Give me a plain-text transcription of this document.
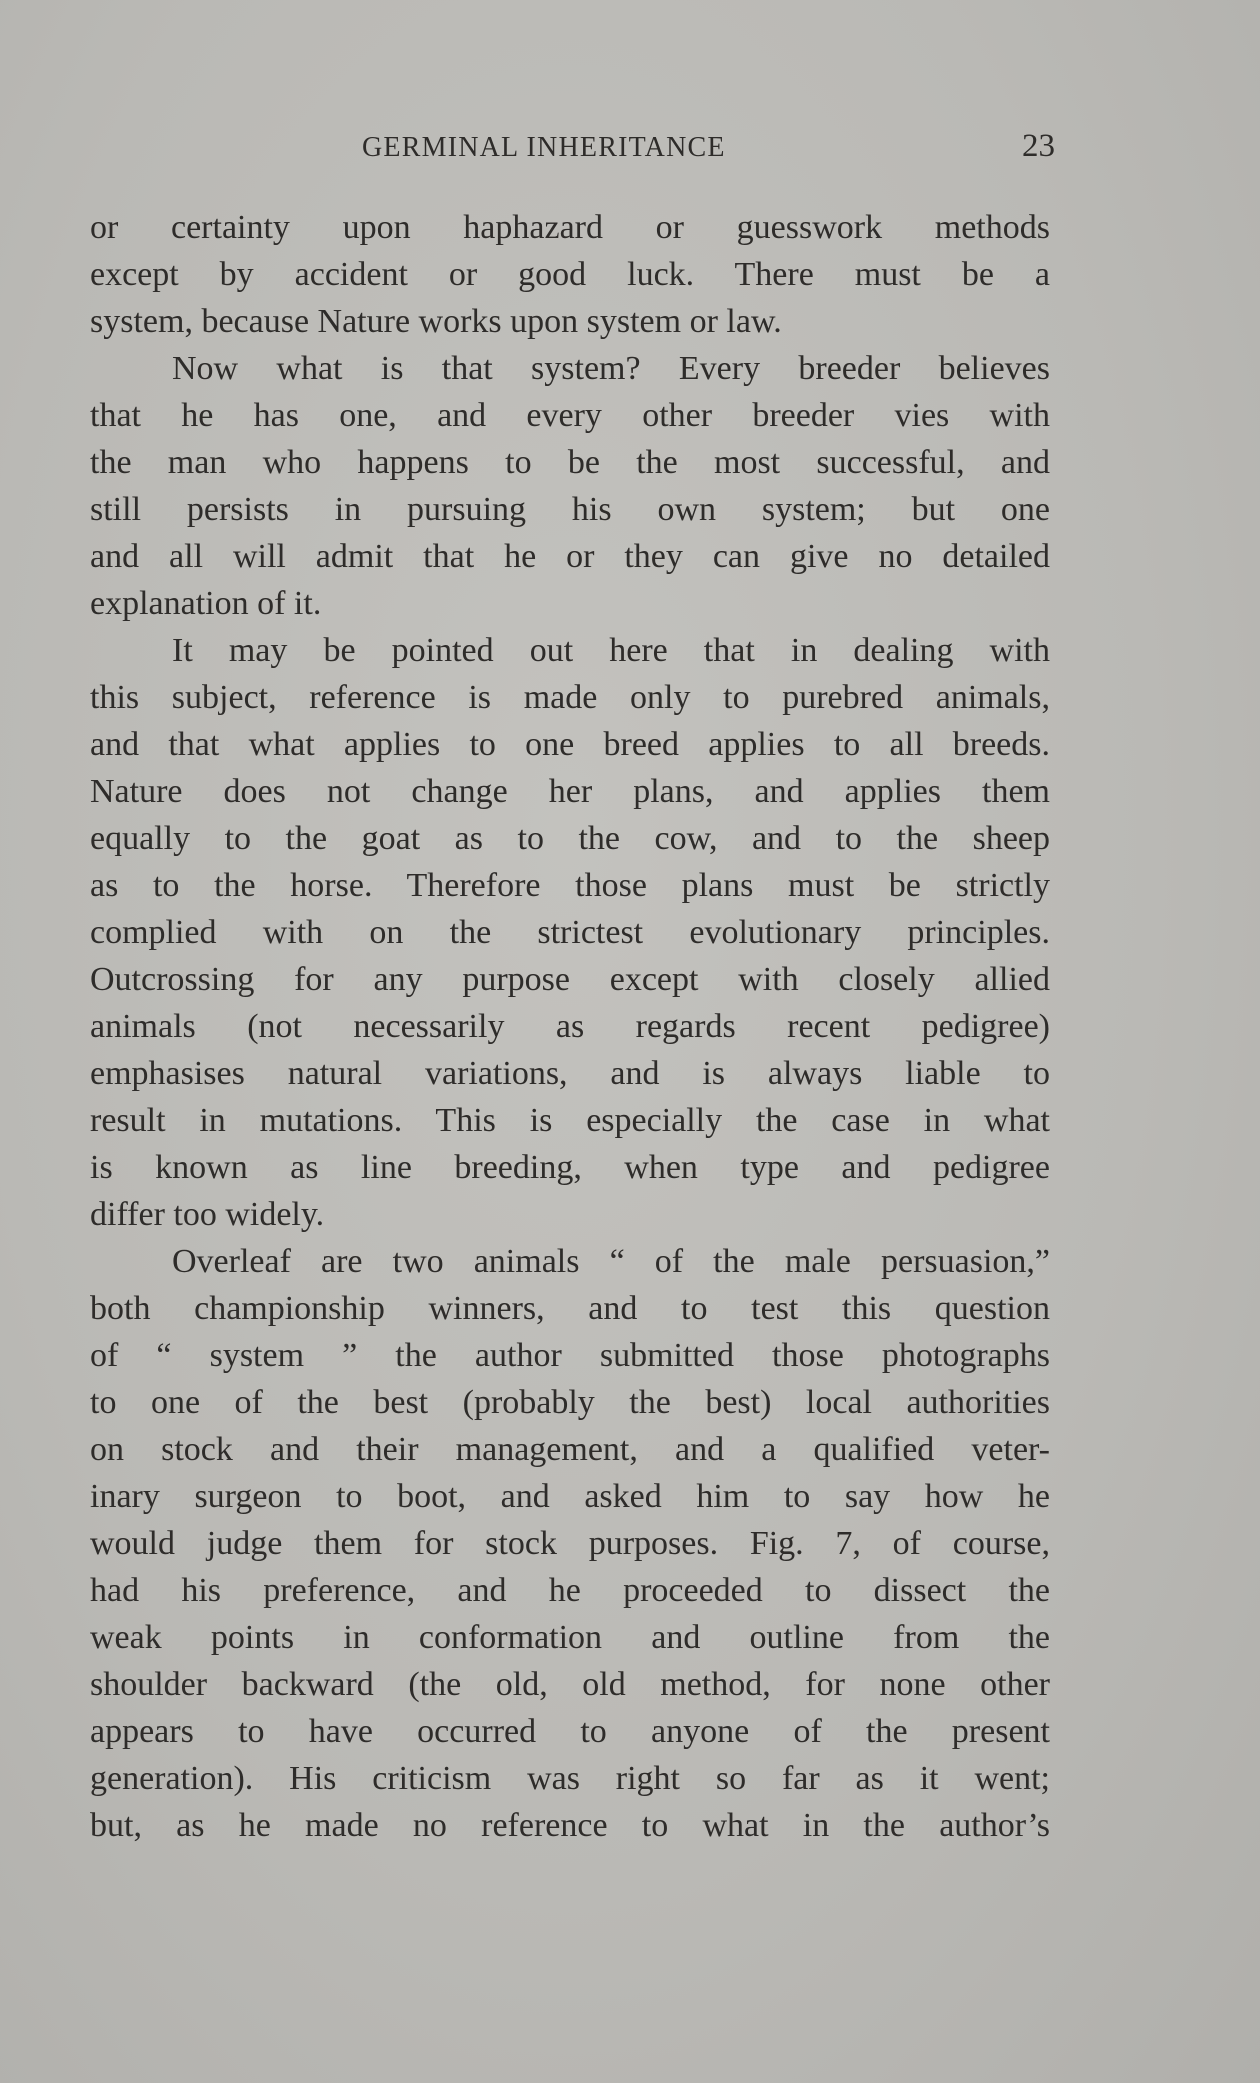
GERMINAL INHERITANCE	23
or certainty upon haphazard or guesswork methods
except by accident or good luck. There must be a
system, because Nature works upon system or law.
Now what is that system? Every breeder believes
that he has one, and every other breeder vies with
the man who happens to be the most successful, and
still persists in pursuing his own system; but one
and all will admit that he or they can give no detailed
explanation of it.
It may be pointed out here that in dealing with
this subject, reference is made only to purebred animals,
and that what applies to one breed applies to all breeds.
Nature does not change her plans, and applies them
equally to the goat as to the cow, and to the sheep
as to the horse. Therefore those plans must be strictly
complied with on the strictest evolutionary principles.
Outcrossing for any purpose except with closely allied
animals (not necessarily as regards recent pedigree)
emphasises natural variations, and is always liable to
result in mutations. This is especially the case in what
is known as line breeding, when type and pedigree
differ too widely.
Overleaf are two animals “ of the male persuasion,”
both championship winners, and to test this question
of “ system ” the author submitted those photographs
to one of the best (probably the best) local authorities
on stock and their management, and a qualified veter-
inary surgeon to boot, and asked him to say how he
would judge them for stock purposes. Fig. 7, of course,
had his preference, and he proceeded to dissect the
weak points in conformation and outline from the
shoulder backward (the old, old method, for none other
appears to have occurred to anyone of the present
generation). His criticism was right so far as it went;
but, as he made no reference to what in the author’s
